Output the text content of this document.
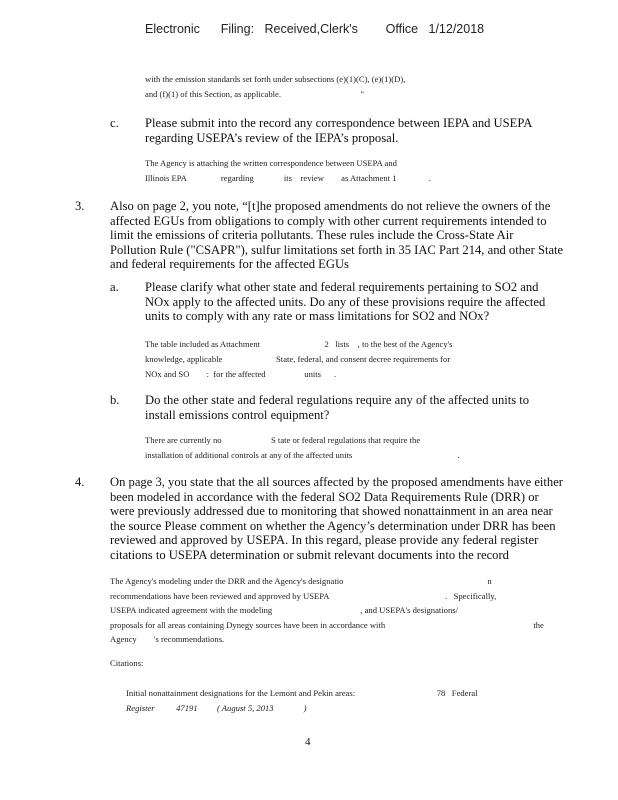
Electronic      Filing:   Received,Clerk's        Office   1/12/2018
with the emission standards set forth under subsections (e)(1)(C), (e)(1)(D),
and (f)(1) of this Section, as applicable.                                     "
c. Please submit into the record any correspondence between IEPA and USEPA
regarding USEPA’s review of the IEPA’s proposal.
The Agency is attaching the written correspondence between USEPA and
Illinois EPA                regarding              its    review        as Attachment 1               .
3. Also on page 2, you note, “[t]he proposed amendments do not relieve the owners of the
affected EGUs from obligations to comply with other current requirements intended to
limit the emissions of criteria pollutants. These rules include the Cross-State Air
Pollution Rule ("CSAPR"), sulfur limitations set forth in 35 IAC Part 214, and other State
and federal requirements for the affected EGUs
a. Please clarify what other state and federal requirements pertaining to SO2 and
NOx apply to the affected units. Do any of these provisions require the affected
units to comply with any rate or mass limitations for SO2 and NOx?
The table included as Attachment                              2   lists    , to the best of the Agency's
knowledge, applicable                         State, federal, and consent decree requirements for
NOx and SO        :  for the affected                  units      .
b. Do the other state and federal regulations require any of the affected units to
install emissions control equipment?
There are currently no                       S tate or federal regulations that require the
installation of additional controls at any of the affected units                                                 .
4. On page 3, you state that the all sources affected by the proposed amendments have either
been modeled in accordance with the federal SO2 Data Requirements Rule (DRR) or
were previously addressed due to monitoring that showed nonattainment in an area near
the source Please comment on whether the Agency’s determination under DRR has been
reviewed and approved by USEPA. In this regard, please provide any federal register
citations to USEPA determination or submit relevant documents into the record
The Agency's modeling under the DRR and the Agency's designatio                                                                   n
recommendations have been reviewed and approved by USEPA                                                      .   Specifically,
USEPA indicated agreement with the modeling                                         , and USEPA's designations/
proposals for all areas containing Dynegy sources have been in accordance with                                                                     the
Agency        's recommendations.
Citations:
Initial nonattainment designations for the Lemont and Pekin areas:                                      78   Federal
Register          47191         ( August 5, 2013              )
4
